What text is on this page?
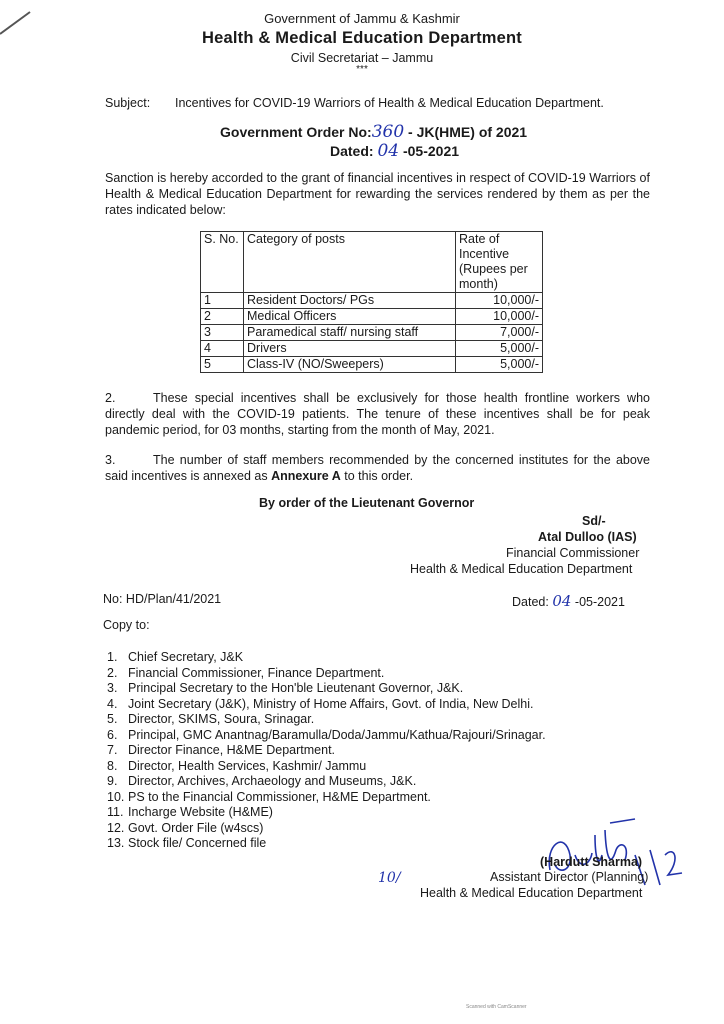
Government of Jammu & Kashmir
Health & Medical Education Department
Civil Secretariat – Jammu
***
Subject: Incentives for COVID-19 Warriors of Health & Medical Education Department.
Government Order No:360 - JK(HME) of 2021
Dated: 04 -05-2021
Sanction is hereby accorded to the grant of financial incentives in respect of COVID-19 Warriors of Health & Medical Education Department for rewarding the services rendered by them as per the rates indicated below:
S. No.	Category of posts	Rate of Incentive (Rupees per month)
1	Resident Doctors/ PGs	10,000/-
2	Medical Officers	10,000/-
3	Paramedical staff/ nursing staff	7,000/-
4	Drivers	5,000/-
5	Class-IV (NO/Sweepers)	5,000/-
2.	These special incentives shall be exclusively for those health frontline workers who directly deal with the COVID-19 patients. The tenure of these incentives shall be for peak pandemic period, for 03 months, starting from the month of May, 2021.
3.	The number of staff members recommended by the concerned institutes for the above said incentives is annexed as Annexure A to this order.
By order of the Lieutenant Governor
Sd/-
Atal Dulloo (IAS)
Financial Commissioner
Health & Medical Education Department
No: HD/Plan/41/2021	Dated: 04 -05-2021
Copy to:
1. Chief Secretary, J&K
2. Financial Commissioner, Finance Department.
3. Principal Secretary to the Hon'ble Lieutenant Governor, J&K.
4. Joint Secretary (J&K), Ministry of Home Affairs, Govt. of India, New Delhi.
5. Director, SKIMS, Soura, Srinagar.
6. Principal, GMC Anantnag/Baramulla/Doda/Jammu/Kathua/Rajouri/Srinagar.
7. Director Finance, H&ME Department.
8. Director, Health Services, Kashmir/ Jammu
9. Director, Archives, Archaeology and Museums, J&K.
10. PS to the Financial Commissioner, H&ME Department.
11. Incharge Website (H&ME)
12. Govt. Order File (w4scs)
13. Stock file/ Concerned file
(Hardutt Sharma)
Assistant Director (Planning)
10/
Health & Medical Education Department
Scanned with CamScanner
